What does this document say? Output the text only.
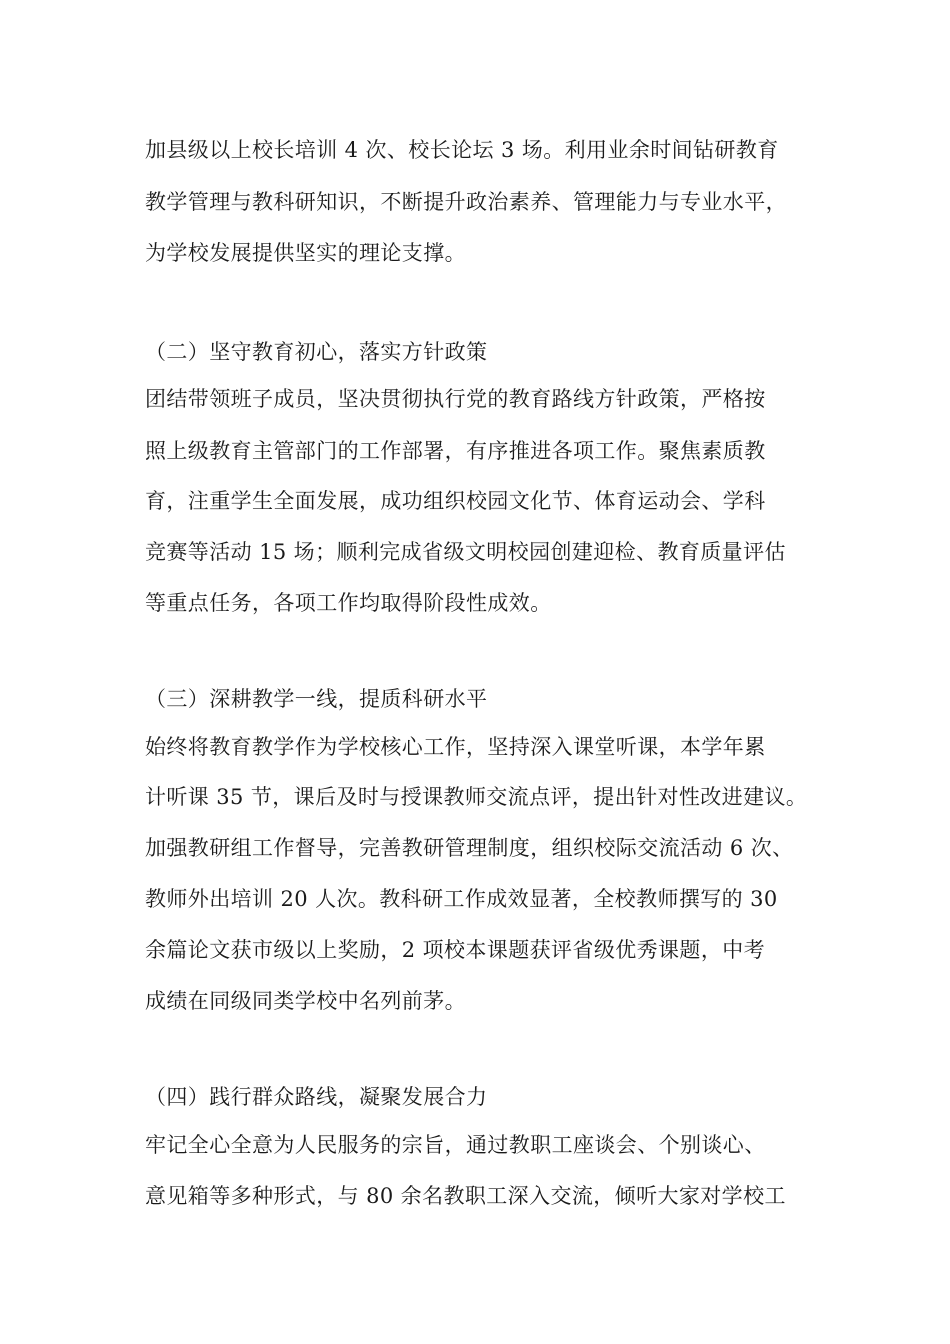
加县级以上校长培训 4 次、校长论坛 3 场。利用业余时间钻研教育
教学管理与教科研知识，不断提升政治素养、管理能力与专业水平，
为学校发展提供坚实的理论支撑。
（二）坚守教育初心，落实方针政策
团结带领班子成员，坚决贯彻执行党的教育路线方针政策，严格按
照上级教育主管部门的工作部署，有序推进各项工作。聚焦素质教
育，注重学生全面发展，成功组织校园文化节、体育运动会、学科
竞赛等活动 15 场；顺利完成省级文明校园创建迎检、教育质量评估
等重点任务，各项工作均取得阶段性成效。
（三）深耕教学一线，提质科研水平
始终将教育教学作为学校核心工作，坚持深入课堂听课，本学年累
计听课 35 节，课后及时与授课教师交流点评，提出针对性改进建议。
加强教研组工作督导，完善教研管理制度，组织校际交流活动 6 次、
教师外出培训 20 人次。教科研工作成效显著，全校教师撰写的 30
余篇论文获市级以上奖励，2 项校本课题获评省级优秀课题，中考
成绩在同级同类学校中名列前茅。
（四）践行群众路线，凝聚发展合力
牢记全心全意为人民服务的宗旨，通过教职工座谈会、个别谈心、
意见箱等多种形式，与 80 余名教职工深入交流，倾听大家对学校工
